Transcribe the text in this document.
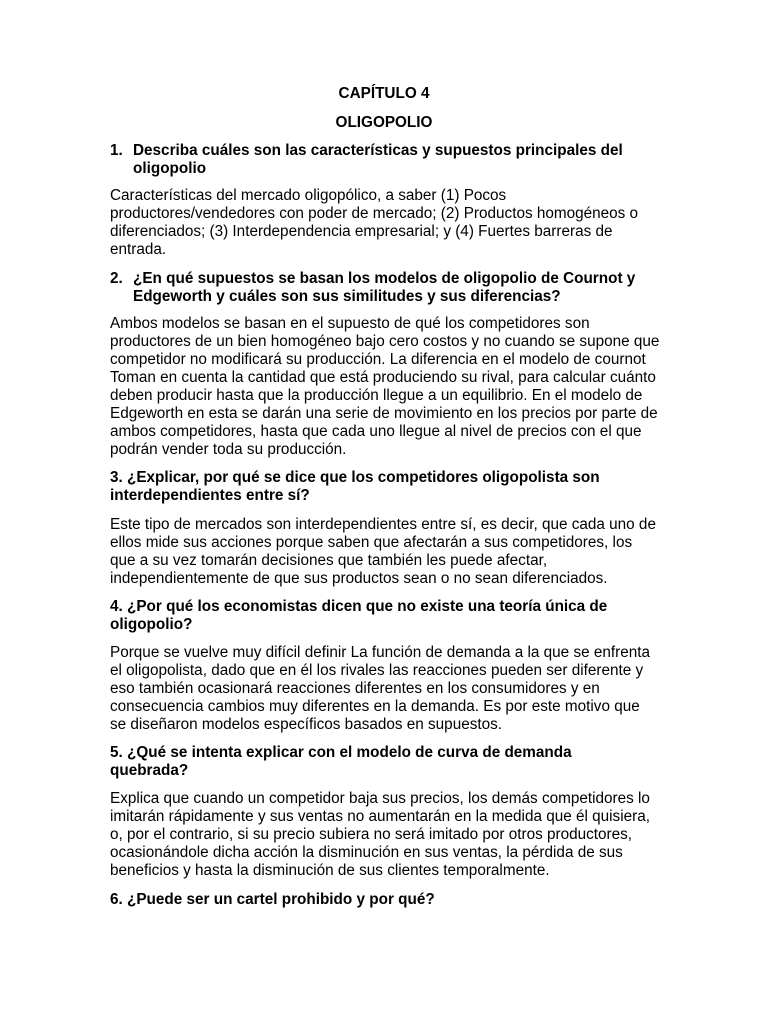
CAPÍTULO 4
OLIGOPOLIO
1. Describa cuáles son las características y supuestos principales del oligopolio

Características del mercado oligopólico, a saber (1) Pocos productores/vendedores con poder de mercado; (2) Productos homogéneos o diferenciados; (3) Interdependencia empresarial; y (4) Fuertes barreras de entrada.

2. ¿En qué supuestos se basan los modelos de oligopolio de Cournot y Edgeworth y cuáles son sus similitudes y sus diferencias?

Ambos modelos se basan en el supuesto de qué los competidores son productores de un bien homogéneo bajo cero costos y no cuando se supone que competidor no modificará su producción. La diferencia en el modelo de cournot Toman en cuenta la cantidad que está produciendo su rival, para calcular cuánto deben producir hasta que la producción llegue a un equilibrio. En el modelo de Edgeworth en esta se darán una serie de movimiento en los precios por parte de ambos competidores, hasta que cada uno llegue al nivel de precios con el que podrán vender toda su producción.

3. ¿Explicar, por qué se dice que los competidores oligopolista son interdependientes entre sí?

Este tipo de mercados son interdependientes entre sí, es decir, que cada uno de ellos mide sus acciones porque saben que afectarán a sus competidores, los que a su vez tomarán decisiones que también les puede afectar, independientemente de que sus productos sean o no sean diferenciados.

4. ¿Por qué los economistas dicen que no existe una teoría única de oligopolio?

Porque se vuelve muy difícil definir La función de demanda a la que se enfrenta el oligopolista, dado que en él los rivales las reacciones pueden ser diferente y eso también ocasionará reacciones diferentes en los consumidores y en consecuencia cambios muy diferentes en la demanda. Es por este motivo que se diseñaron modelos específicos basados en supuestos.

5. ¿Qué se intenta explicar con el modelo de curva de demanda quebrada?

Explica que cuando un competidor baja sus precios, los demás competidores lo imitarán rápidamente y sus ventas no aumentarán en la medida que él quisiera, o, por el contrario, si su precio subiera no será imitado por otros productores, ocasionándole dicha acción la disminución en sus ventas, la pérdida de sus beneficios y hasta la disminución de sus clientes temporalmente.

6. ¿Puede ser un cartel prohibido y por qué?
